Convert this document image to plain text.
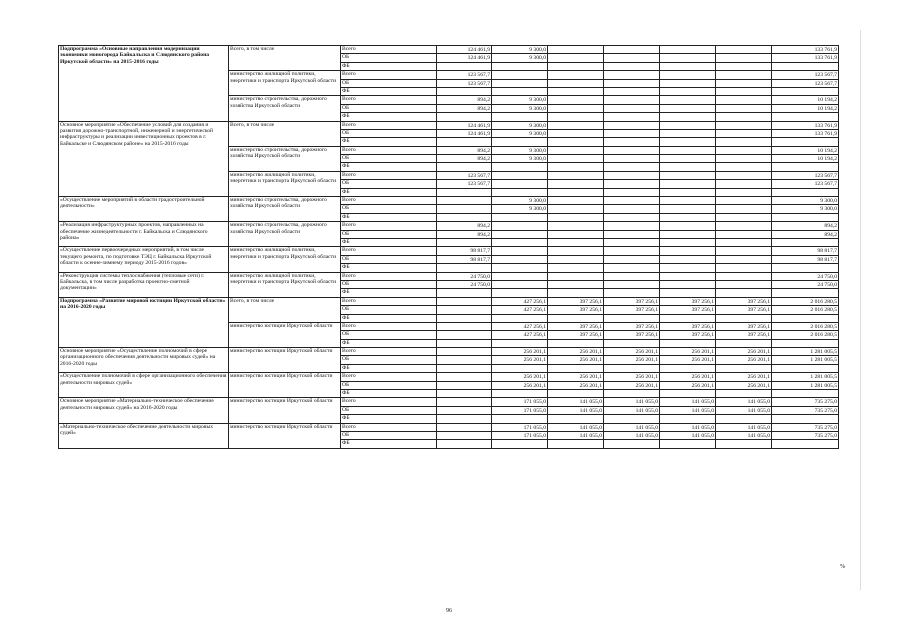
Подпрограмма «Основные направления модернизации экономики моногорода Байкальска и Слюдянского района Иркутской области» на 2015-2016 годы	Всего, в том числе	Всего	124 461,9	9 300,0					133 761,9
		ОБ	124 461,9	9 300,0					133 761,9
		ФБ							
	министерство жилищной политики, энергетики и транспорта Иркутской области	Всего	123 567,7						123 567,7
		ОБ	123 567,7						123 567,7
		ФБ							
	министерство строительства, дорожного хозяйства Иркутской области	Всего	894,2	9 300,0					10 194,2
		ОБ	894,2	9 300,0					10 194,2
		ФБ							
Основное мероприятие «Обеспечение условий для создания и развития дорожно-транспортной, инженерной и энергетической инфраструктуры и реализации инвестиционных проектов в г. Байкальске и Слюдянском районе» на 2015-2016 годы	Всего, в том числе	Всего	124 461,9	9 300,0					133 761,9
		ОБ	124 461,9	9 300,0					133 761,9
		ФБ							
	министерство строительства, дорожного хозяйства Иркутской области	Всего	894,2	9 300,0					10 194,2
		ОБ	894,2	9 300,0					10 194,2
		ФБ							
	министерство жилищной политики, энергетики и транспорта Иркутской области	Всего	123 567,7						123 567,7
		ОБ	123 567,7						123 567,7
		ФБ							
«Осуществление мероприятий в области градостроительной деятельности»	министерство строительства, дорожного хозяйства Иркутской области	Всего		9 300,0					9 300,0
		ОБ		9 300,0					9 300,0
		ФБ							
«Реализация инфраструктурных проектов, направленных на обеспечение жизнедеятельности г. Байкальска и Слюдянского района»	министерство строительства, дорожного хозяйства Иркутской области	Всего	894,2						894,2
		ОБ	894,2						894,2
		ФБ							
«Осуществление первоочередных мероприятий, в том числе текущего ремонта, по подготовке ТЭЦ г. Байкальска Иркутской области к осенне-зимнему периоду 2015-2016 годов»	министерство жилищной политики, энергетики и транспорта Иркутской области	Всего	98 817,7						98 817,7
		ОБ	98 817,7						98 817,7
		ФБ							
«Реконструкция системы теплоснабжения (тепловые сети) г. Байкальска, в том числе разработка проектно-сметной документации»	министерство жилищной политики, энергетики и транспорта Иркутской области	Всего	24 750,0						24 750,0
		ОБ	24 750,0						24 750,0
		ФБ							
Подпрограмма «Развитие мировой юстиции Иркутской области» на 2016-2020 годы	Всего, в том числе	Всего		427 256,1	397 256,1	397 256,1	397 256,1	397 256,1	2 016 280,5
		ОБ		427 256,1	397 256,1	397 256,1	397 256,1	397 256,1	2 016 280,5
		ФБ							
	министерство юстиции Иркутской области	Всего		427 256,1	397 256,1	397 256,1	397 256,1	397 256,1	2 016 280,5
		ОБ		427 256,1	397 256,1	397 256,1	397 256,1	397 256,1	2 016 280,5
		ФБ							
Основное мероприятие «Осуществление полномочий в сфере организационного обеспечения деятельности мировых судей» на 2016-2020 годы	министерство юстиции Иркутской области	Всего		256 201,1	256 201,1	256 201,1	256 201,1	256 201,1	1 281 005,5
		ОБ		256 201,1	256 201,1	256 201,1	256 201,1	256 201,1	1 281 005,5
		ФБ							
«Осуществление полномочий в сфере организационного обеспечения деятельности мировых судей»	министерство юстиции Иркутской области	Всего		256 201,1	256 201,1	256 201,1	256 201,1	256 201,1	1 281 005,5
		ОБ		256 201,1	256 201,1	256 201,1	256 201,1	256 201,1	1 281 005,5
		ФБ							
Основное мероприятие «Материально-техническое обеспечение деятельности мировых судей» на 2016-2020 годы	министерство юстиции Иркутской области	Всего		171 055,0	141 055,0	141 055,0	141 055,0	141 055,0	735 275,0
		ОБ		171 055,0	141 055,0	141 055,0	141 055,0	141 055,0	735 275,0
		ФБ							
«Материально-техническое обеспечение деятельности мировых судей»	министерство юстиции Иркутской области	Всего		171 055,0	141 055,0	141 055,0	141 055,0	141 055,0	735 275,0
		ОБ		171 055,0	141 055,0	141 055,0	141 055,0	141 055,0	735 275,0
		ФБ							
%
96
